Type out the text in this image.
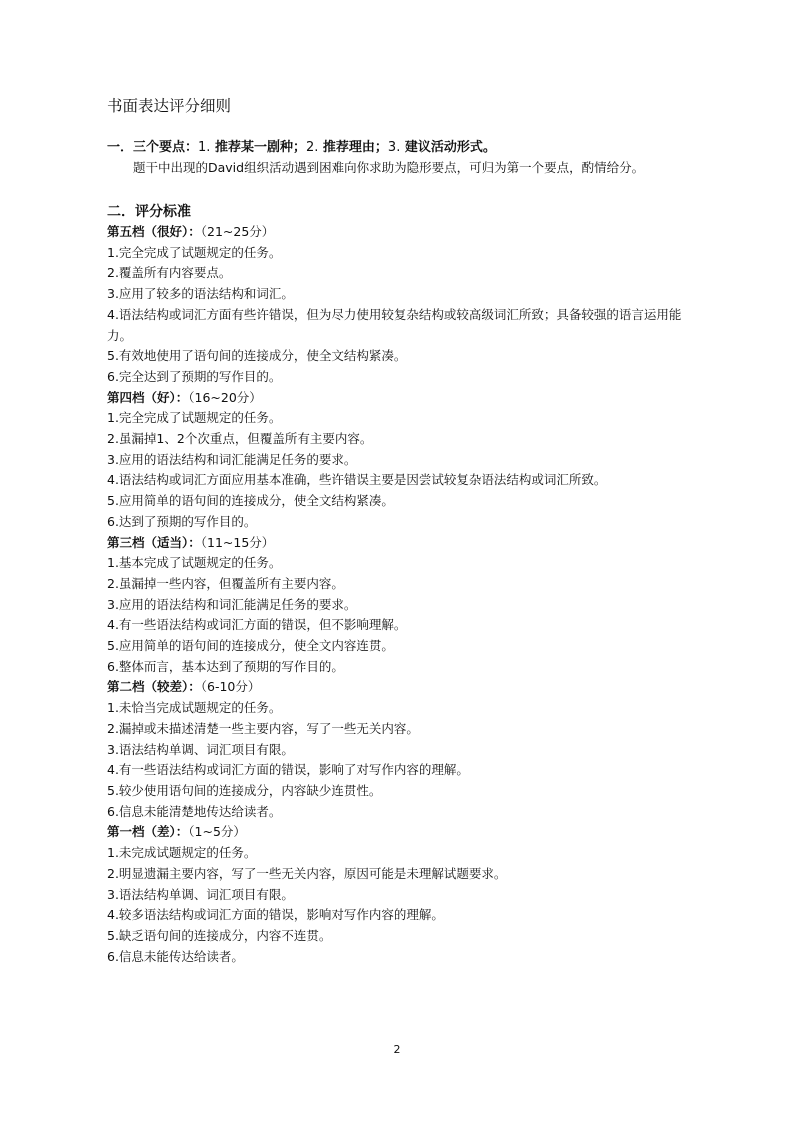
书面表达评分细则
一．三个要点：1. 推荐某一剧种；2. 推荐理由；3. 建议活动形式。
题干中出现的David组织活动遇到困难向你求助为隐形要点，可归为第一个要点，酌情给分。
二．评分标准
第五档（很好）：（21~25分）
1.完全完成了试题规定的任务。
2.覆盖所有内容要点。
3.应用了较多的语法结构和词汇。
4.语法结构或词汇方面有些许错误，但为尽力使用较复杂结构或较高级词汇所致；具备较强的语言运用能力。
5.有效地使用了语句间的连接成分，使全文结构紧凑。
6.完全达到了预期的写作目的。
第四档（好）：（16~20分）
1.完全完成了试题规定的任务。
2.虽漏掉1、2个次重点，但覆盖所有主要内容。
3.应用的语法结构和词汇能满足任务的要求。
4.语法结构或词汇方面应用基本准确，些许错误主要是因尝试较复杂语法结构或词汇所致。
5.应用简单的语句间的连接成分，使全文结构紧凑。
6.达到了预期的写作目的。
第三档（适当）：（11~15分）
1.基本完成了试题规定的任务。
2.虽漏掉一些内容，但覆盖所有主要内容。
3.应用的语法结构和词汇能满足任务的要求。
4.有一些语法结构或词汇方面的错误，但不影响理解。
5.应用简单的语句间的连接成分，使全文内容连贯。
6.整体而言，基本达到了预期的写作目的。
第二档（较差）：（6-10分）
1.未恰当完成试题规定的任务。
2.漏掉或未描述清楚一些主要内容，写了一些无关内容。
3.语法结构单调、词汇项目有限。
4.有一些语法结构或词汇方面的错误，影响了对写作内容的理解。
5.较少使用语句间的连接成分，内容缺少连贯性。
6.信息未能清楚地传达给读者。
第一档（差）：（1~5分）
1.未完成试题规定的任务。
2.明显遗漏主要内容，写了一些无关内容，原因可能是未理解试题要求。
3.语法结构单调、词汇项目有限。
4.较多语法结构或词汇方面的错误，影响对写作内容的理解。
5.缺乏语句间的连接成分，内容不连贯。
6.信息未能传达给读者。
2
